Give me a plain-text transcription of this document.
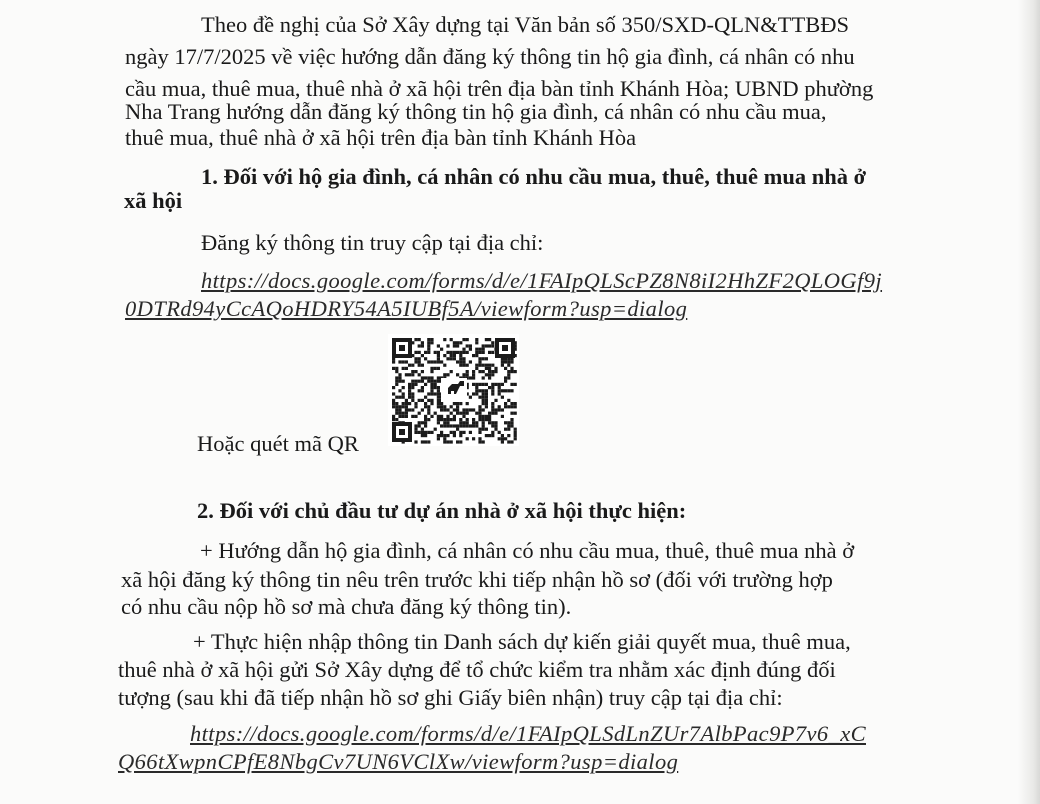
Theo đề nghị của Sở Xây dựng tại Văn bản số 350/SXD-QLN&TTBĐS
ngày 17/7/2025 về việc hướng dẫn đăng ký thông tin hộ gia đình, cá nhân có nhu
cầu mua, thuê mua, thuê nhà ở xã hội trên địa bàn tỉnh Khánh Hòa; UBND phường
Nha Trang hướng dẫn đăng ký thông tin hộ gia đình, cá nhân có nhu cầu mua,
thuê mua, thuê nhà ở xã hội trên địa bàn tỉnh Khánh Hòa
1. Đối với hộ gia đình, cá nhân có nhu cầu mua, thuê, thuê mua nhà ở
xã hội
Đăng ký thông tin truy cập tại địa chỉ:
https://docs.google.com/forms/d/e/1FAIpQLScPZ8N8iI2HhZF2QLOGf9j
0DTRd94yCcAQoHDRY54A5IUBf5A/viewform?usp=dialog
Hoặc quét mã QR
2. Đối với chủ đầu tư dự án nhà ở xã hội thực hiện:
+ Hướng dẫn hộ gia đình, cá nhân có nhu cầu mua, thuê, thuê mua nhà ở
xã hội đăng ký thông tin nêu trên trước khi tiếp nhận hồ sơ (đối với trường hợp
có nhu cầu nộp hồ sơ mà chưa đăng ký thông tin).
+ Thực hiện nhập thông tin Danh sách dự kiến giải quyết mua, thuê mua,
thuê nhà ở xã hội gửi Sở Xây dựng để tổ chức kiểm tra nhằm xác định đúng đối
tượng (sau khi đã tiếp nhận hồ sơ ghi Giấy biên nhận) truy cập tại địa chỉ:
https://docs.google.com/forms/d/e/1FAIpQLSdLnZUr7AlbPac9P7v6_xC
Q66tXwpnCPfE8NbgCv7UN6VClXw/viewform?usp=dialog
